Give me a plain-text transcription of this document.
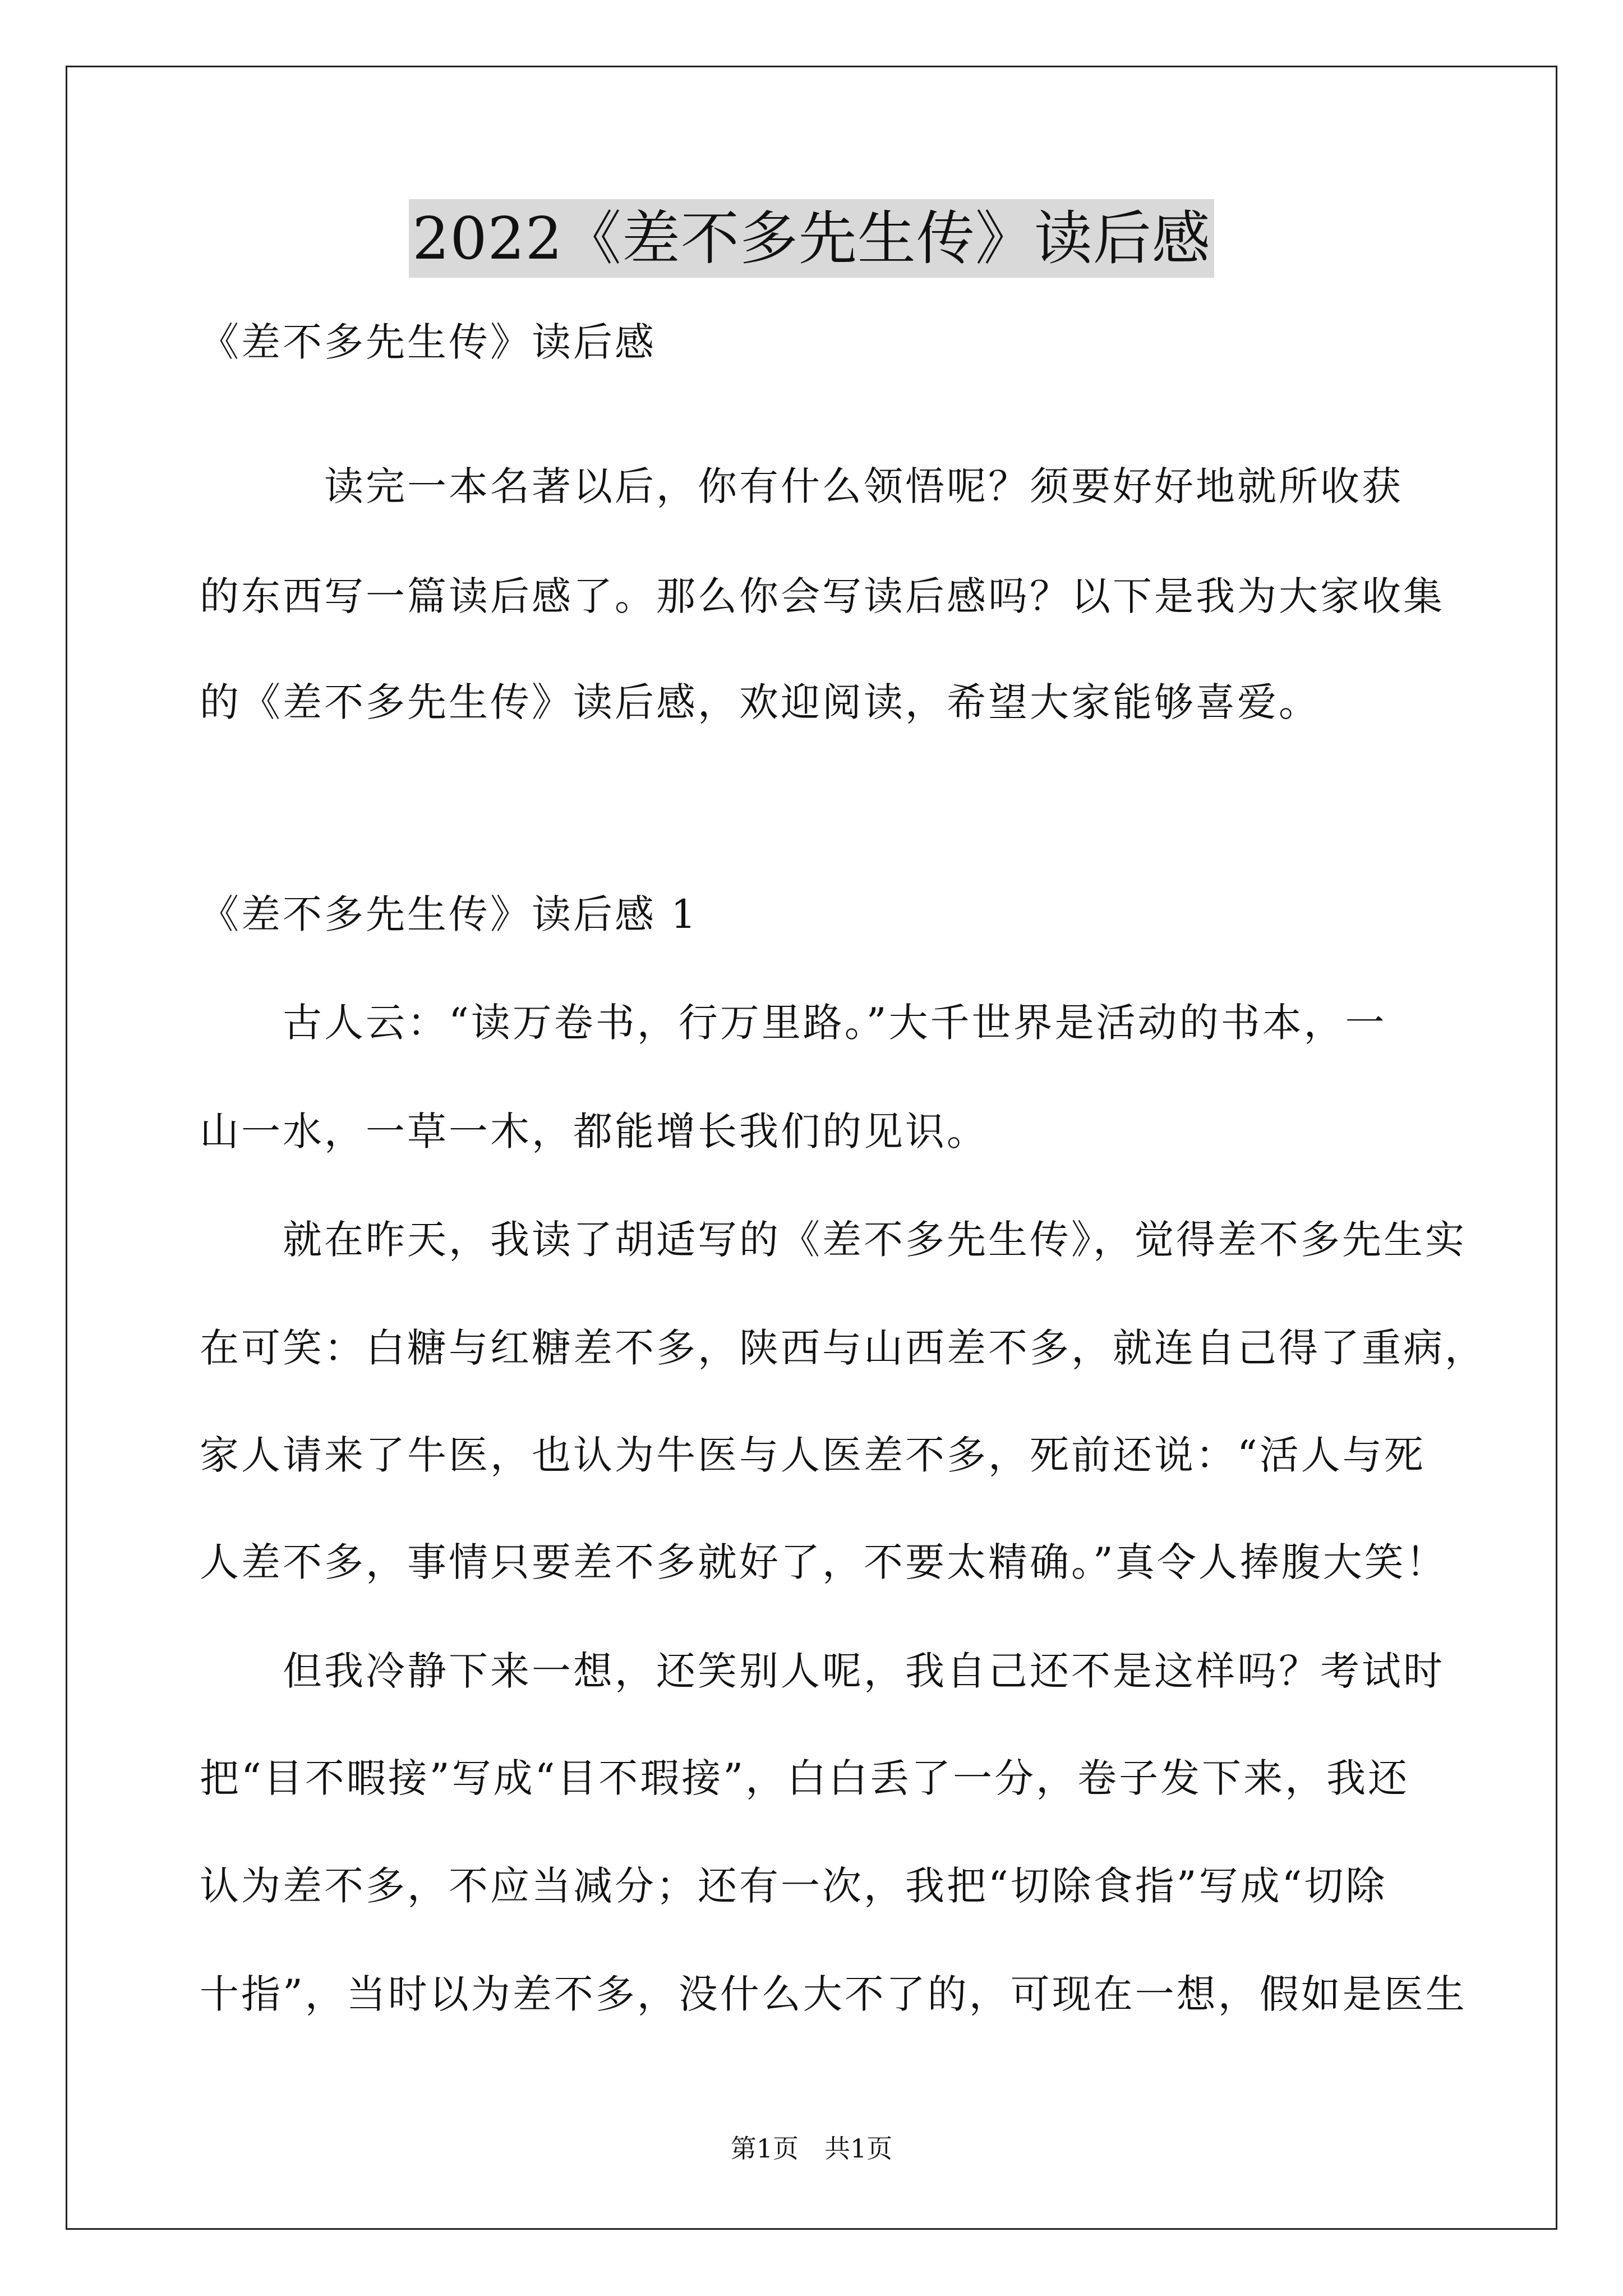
2022《差不多先生传》读后感
《差不多先生传》读后感
　　　读完一本名著以后，你有什么领悟呢？须要好好地就所收获
的东西写一篇读后感了。那么你会写读后感吗？以下是我为大家收集
的《差不多先生传》读后感，欢迎阅读，希望大家能够喜爱。
《差不多先生传》读后感 1
　　古人云：“读万卷书，行万里路。”大千世界是活动的书本，一
山一水，一草一木，都能增长我们的见识。
　　就在昨天，我读了胡适写的《差不多先生传》，觉得差不多先生实
在可笑：白糖与红糖差不多，陕西与山西差不多，就连自己得了重病，
家人请来了牛医，也认为牛医与人医差不多，死前还说：“活人与死
人差不多，事情只要差不多就好了，不要太精确。”真令人捧腹大笑！
　　但我冷静下来一想，还笑别人呢，我自己还不是这样吗？考试时
把“目不暇接”写成“目不瑕接”，白白丢了一分，卷子发下来，我还
认为差不多，不应当减分；还有一次，我把“切除食指”写成“切除
十指”，当时以为差不多，没什么大不了的，可现在一想，假如是医生
第1页　共1页
